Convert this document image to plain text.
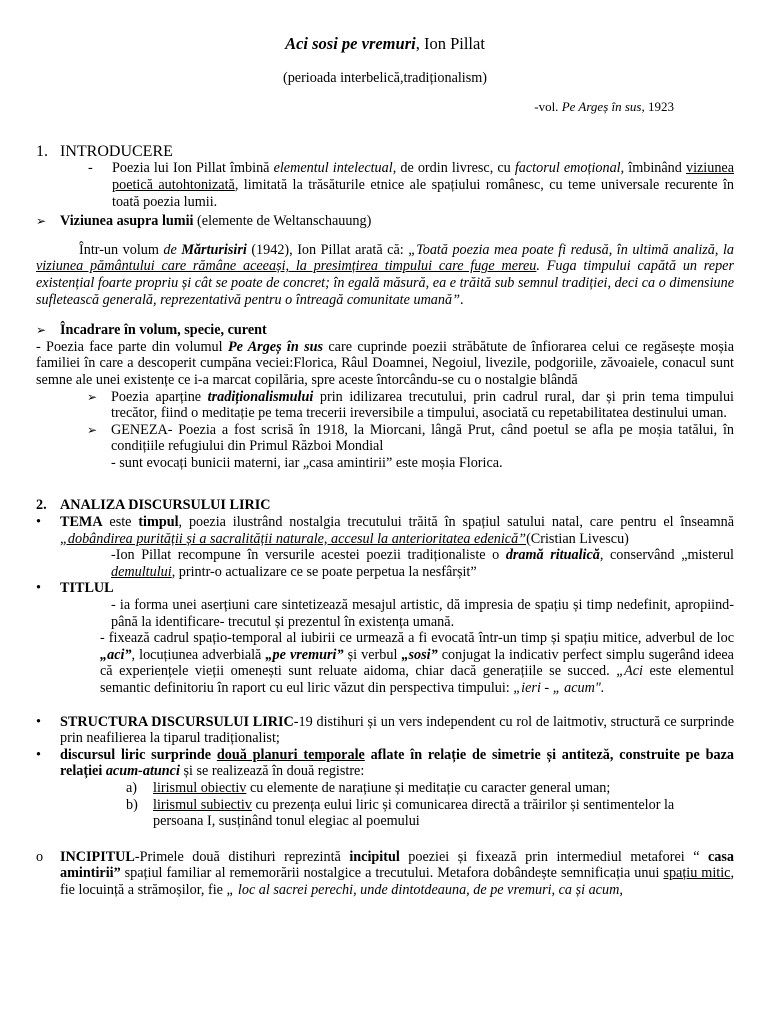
Aci sosi pe vremuri, Ion Pillat

(perioada interbelică,tradiționalism)

-vol. Pe Argeș în sus, 1923

1. INTRODUCERE

-	Poezia lui Ion Pillat îmbină elementul intelectual, de ordin livresc, cu factorul emoțional, îmbinând viziunea poetică autohtonizată, limitată la trăsăturile etnice ale spațiului românesc, cu teme universale recurente în toată poezia lumii.

➢ Viziunea asupra lumii (elemente de Weltanschauung)

Într-un volum de Mărturisiri (1942), Ion Pillat arată că: „Toată poezia mea poate fi redusă, în ultimă analiză, la viziunea pământului care rămâne aceeași, la presimțirea timpului care fuge mereu. Fuga timpului capătă un reper existențial foarte propriu și cât se poate de concret; în egală măsură, ea e trăită sub semnul tradiției, deci ca o dimensiune sufletească generală, reprezentativă pentru o întreagă comunitate umană”.

➢ Încadrare în volum, specie, curent

- Poezia face parte din volumul Pe Argeș în sus care cuprinde poezii străbătute de înfiorarea celui ce regăsește moșia familiei în care a descoperit cumpăna veciei:Florica, Râul Doamnei, Negoiul, livezile, podgoriile, zăvoaiele, conacul sunt semne ale unei existențe ce i-a marcat copilăria, spre aceste întorcându-se cu o nostalgie blândă

➢ Poezia aparține tradiționalismului prin idilizarea trecutului, prin cadrul rural, dar și prin tema timpului trecător, fiind o meditație pe tema trecerii ireversibile a timpului, asociată cu repetabilitatea destinului uman.

➢ GENEZA- Poezia a fost scrisă în 1918, la Miorcani, lângă Prut, când poetul se afla pe moșia tatălui, în condițiile refugiului din Primul Război Mondial

- sunt evocați bunicii materni, iar „casa amintirii” este moșia Florica.

2. ANALIZA DISCURSULUI LIRIC

•	TEMA este timpul, poezia ilustrând nostalgia trecutului trăită în spațiul satului natal, care pentru el înseamnă „dobândirea purității și a sacralității naturale, accesul la anterioritatea edenică”(Cristian Livescu)

-Ion Pillat recompune în versurile acestei poezii tradiționaliste o dramă ritualică, conservând „misterul demultului, printr-o actualizare ce se poate perpetua la nesfârșit”

•	TITLUL

- ia forma unei aserțiuni care sintetizează mesajul artistic, dă impresia de spațiu și timp nedefinit, apropiind- până la identificare- trecutul și prezentul în existența umană.

- fixează cadrul spațio-temporal al iubirii ce urmează a fi evocată într-un timp și spațiu mitice, adverbul de loc „aci”, locuțiunea adverbială „pe vremuri” și verbul „sosi” conjugat la indicativ perfect simplu sugerând ideea că experiențele vieții omenești sunt reluate aidoma, chiar dacă generațiile se succed. „Aci este elementul semantic definitoriu în raport cu eul liric văzut din perspectiva timpului: „ieri - „ acum".

•	STRUCTURA DISCURSULUI LIRIC-19 distihuri și un vers independent cu rol de laitmotiv, structură ce surprinde prin neafilierea la tiparul tradiționalist;

•	discursul liric surprinde două planuri temporale aflate în relație de simetrie și antiteză, construite pe baza relației acum-atunci și se realizează în două registre:

a)	lirismul obiectiv cu elemente de narațiune și meditație cu caracter general uman;

b)	lirismul subiectiv cu prezența eului liric și comunicarea directă a trăirilor și sentimentelor la

persoana I, susținând tonul elegiac al poemului

o	INCIPITUL-Primele două distihuri reprezintă incipitul poeziei și fixează prin intermediul metaforei “ casa amintirii” spațiul familiar al rememorării nostalgice a trecutului. Metafora dobândește semnificația unui spațiu mitic, fie locuință a strămoșilor, fie „ loc al sacrei perechi, unde dintotdeauna, de pe vremuri, ca și acum,
